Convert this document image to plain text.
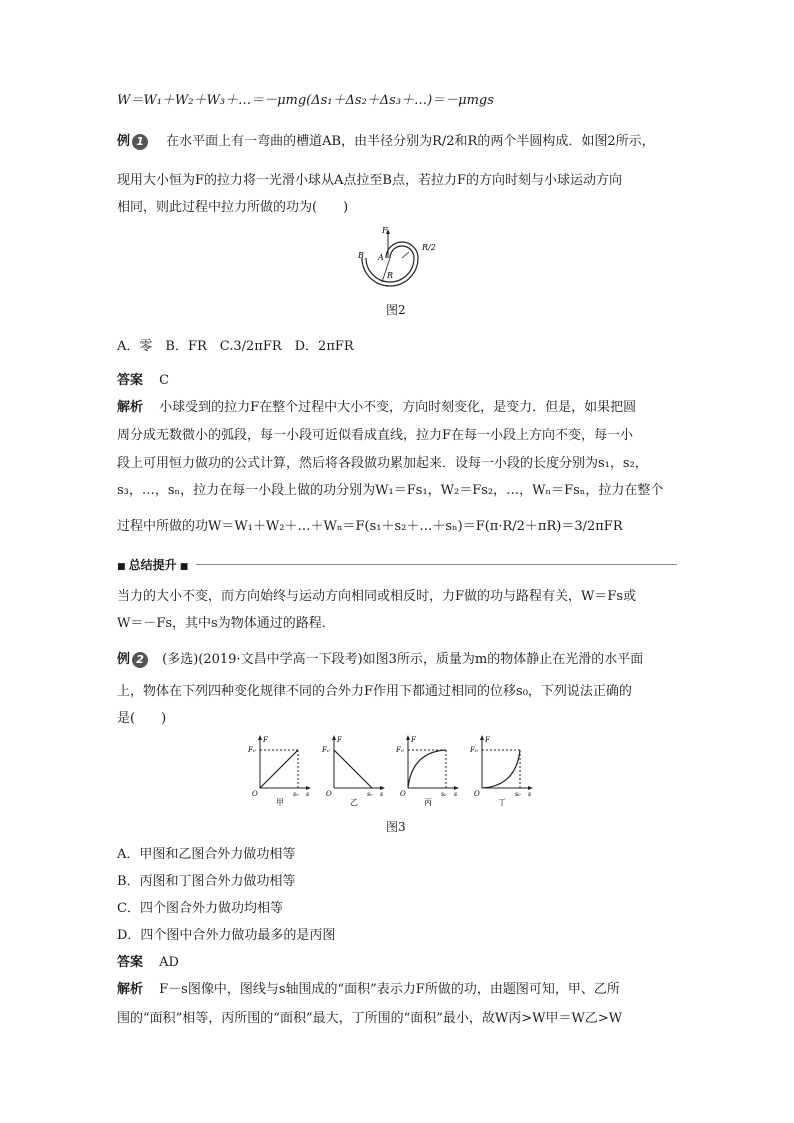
W＝W₁＋W₂＋W₃＋…＝－μmg(Δs₁＋Δs₂＋Δs₃＋…)＝－μmgs
例 1	在水平面上有一弯曲的槽道AB，由半径分别为R/2和R的两个半圆构成．如图2所示，
现用大小恒为F的拉力将一光滑小球从A点拉至B点，若拉力F的方向时刻与小球运动方向
相同，则此过程中拉力所做的功为(　　)
F
B A
R
R/2
图2
A．零　B．FR　C.3/2πFR　D．2πFR
答案 C
解析 小球受到的拉力F在整个过程中大小不变，方向时刻变化，是变力．但是，如果把圆
周分成无数微小的弧段，每一小段可近似看成直线，拉力F在每一小段上方向不变，每一小
段上可用恒力做功的公式计算，然后将各段做功累加起来．设每一小段的长度分别为s₁，s₂，
s₃，…，sₙ，拉力在每一小段上做的功分别为W₁＝Fs₁，W₂＝Fs₂，…，Wₙ＝Fsₙ，拉力在整个
过程中所做的功W＝W₁＋W₂＋…＋Wₙ＝F(s₁＋s₂＋…＋sₙ)＝F(π·R/2＋πR)＝3/2πFR
■ 总结提升 ■
当力的大小不变，而方向始终与运动方向相同或相反时，力F做的功与路程有关，W＝Fs或
W＝－Fs，其中s为物体通过的路程．
例 2	(多选)(2019·文昌中学高一下段考)如图3所示，质量为m的物体静止在光滑的水平面
上，物体在下列四种变化规律不同的合外力F作用下都通过相同的位移s₀，下列说法正确的
是(　　)
F
F₀
O	s₀ s
甲
F
F₀
O	s₀ s
乙
F
F₀
O	s₀ s
丙
F
F₀
O	s₀ s
丁
图3
A．甲图和乙图合外力做功相等
B．丙图和丁图合外力做功相等
C．四个图合外力做功均相等
D．四个图中合外力做功最多的是丙图
答案 AD
解析 F－s图像中，图线与s轴围成的“面积”表示力F所做的功，由题图可知，甲、乙所
围的“面积”相等，丙所围的“面积”最大，丁所围的“面积”最小，故W丙>W甲＝W乙>W
